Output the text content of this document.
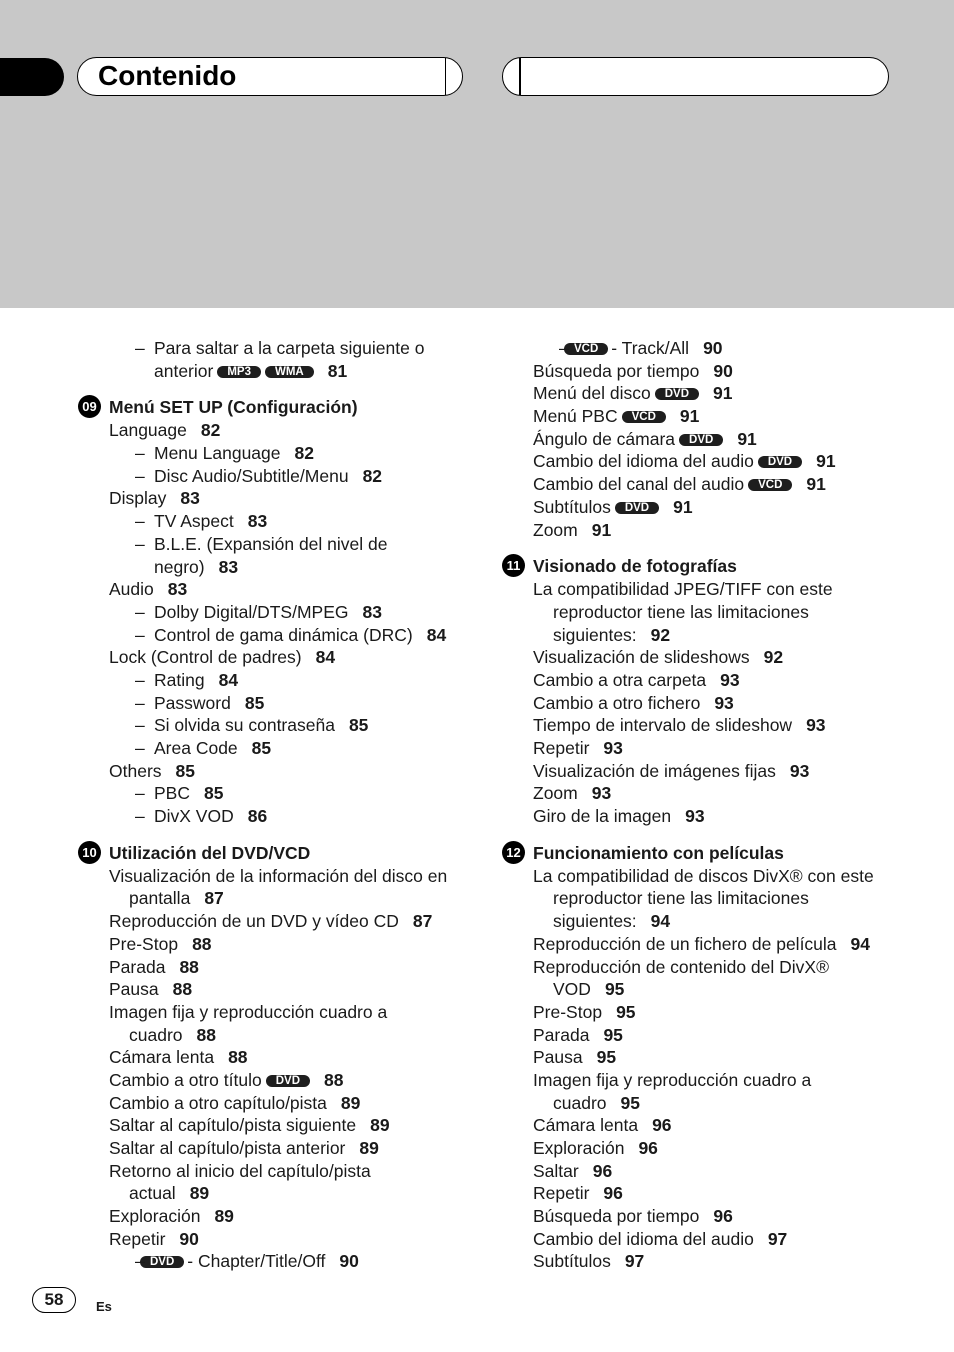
Contenido
– Para saltar a la carpeta siguiente o
anterior MP3 WMA 81
09 Menú SET UP (Configuración)
Language 82
– Menu Language 82
– Disc Audio/Subtitle/Menu 82
Display 83
– TV Aspect 83
– B.L.E. (Expansión del nivel de
negro) 83
Audio 83
– Dolby Digital/DTS/MPEG 83
– Control de gama dinámica (DRC) 84
Lock (Control de padres) 84
– Rating 84
– Password 85
– Si olvida su contraseña 85
– Area Code 85
Others 85
– PBC 85
– DivX VOD 86
10 Utilización del DVD/VCD
Visualización de la información del disco en
pantalla 87
Reproducción de un DVD y vídeo CD 87
Pre-Stop 88
Parada 88
Pausa 88
Imagen fija y reproducción cuadro a
cuadro 88
Cámara lenta 88
Cambio a otro título DVD 88
Cambio a otro capítulo/pista 89
Saltar al capítulo/pista siguiente 89
Saltar al capítulo/pista anterior 89
Retorno al inicio del capítulo/pista
actual 89
Exploración 89
Repetir 90
– DVD - Chapter/Title/Off 90
– VCD - Track/All 90
Búsqueda por tiempo 90
Menú del disco DVD 91
Menú PBC VCD 91
Ángulo de cámara DVD 91
Cambio del idioma del audio DVD 91
Cambio del canal del audio VCD 91
Subtítulos DVD 91
Zoom 91
11 Visionado de fotografías
La compatibilidad JPEG/TIFF con este
reproductor tiene las limitaciones
siguientes: 92
Visualización de slideshows 92
Cambio a otra carpeta 93
Cambio a otro fichero 93
Tiempo de intervalo de slideshow 93
Repetir 93
Visualización de imágenes fijas 93
Zoom 93
Giro de la imagen 93
12 Funcionamiento con películas
La compatibilidad de discos DivX® con este
reproductor tiene las limitaciones
siguientes: 94
Reproducción de un fichero de película 94
Reproducción de contenido del DivX®
VOD 95
Pre-Stop 95
Parada 95
Pausa 95
Imagen fija y reproducción cuadro a
cuadro 95
Cámara lenta 96
Exploración 96
Saltar 96
Repetir 96
Búsqueda por tiempo 96
Cambio del idioma del audio 97
Subtítulos 97
58	Es
